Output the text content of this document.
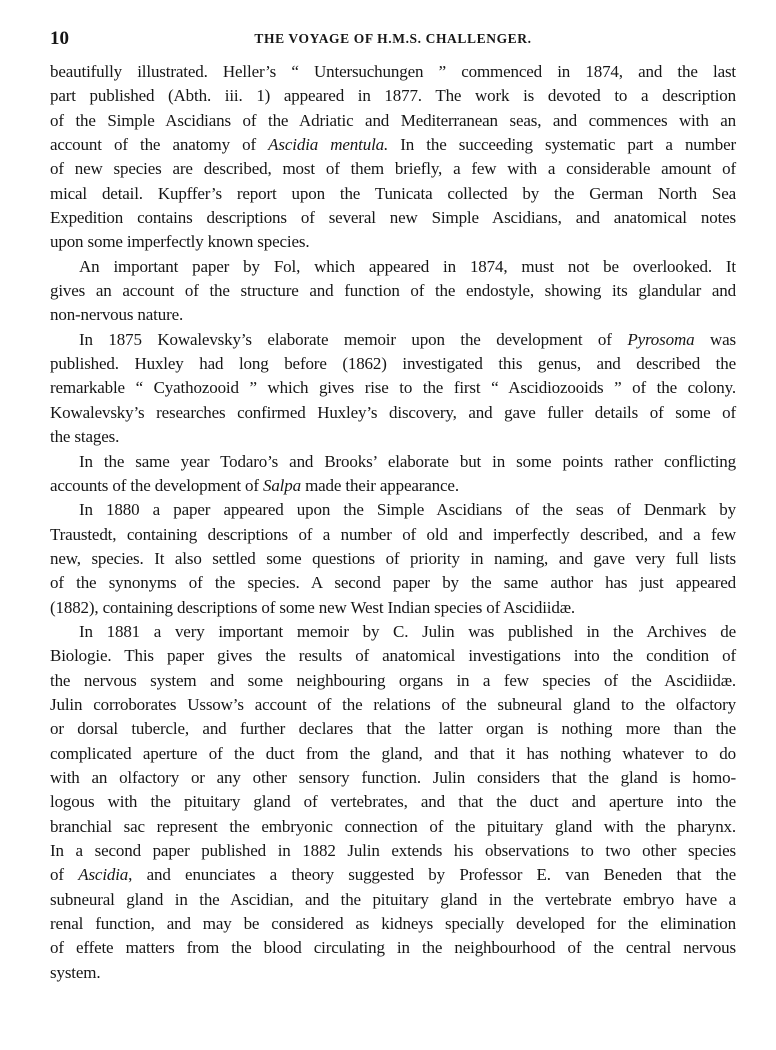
10	THE VOYAGE OF H.M.S. CHALLENGER.
beautifully illustrated. Heller’s “ Untersuchungen ” commenced in 1874, and the last
part published (Abth. iii. 1) appeared in 1877. The work is devoted to a description
of the Simple Ascidians of the Adriatic and Mediterranean seas, and commences with an
account of the anatomy of Ascidia mentula. In the succeeding systematic part a number
of new species are described, most of them briefly, a few with a considerable amount of
mical detail. Kupffer’s report upon the Tunicata collected by the German North Sea
Expedition contains descriptions of several new Simple Ascidians, and anatomical notes
upon some imperfectly known species.
An important paper by Fol, which appeared in 1874, must not be overlooked. It
gives an account of the structure and function of the endostyle, showing its glandular and
non-nervous nature.
In 1875 Kowalevsky’s elaborate memoir upon the development of Pyrosoma was
published. Huxley had long before (1862) investigated this genus, and described the
remarkable “ Cyathozooid ” which gives rise to the first “ Ascidiozooids ” of the colony.
Kowalevsky’s researches confirmed Huxley’s discovery, and gave fuller details of some of
the stages.
In the same year Todaro’s and Brooks’ elaborate but in some points rather conflicting
accounts of the development of Salpa made their appearance.
In 1880 a paper appeared upon the Simple Ascidians of the seas of Denmark by
Traustedt, containing descriptions of a number of old and imperfectly described, and a few
new, species. It also settled some questions of priority in naming, and gave very full lists
of the synonyms of the species. A second paper by the same author has just appeared
(1882), containing descriptions of some new West Indian species of Ascidiidæ.
In 1881 a very important memoir by C. Julin was published in the Archives de
Biologie. This paper gives the results of anatomical investigations into the condition of
the nervous system and some neighbouring organs in a few species of the Ascidiidæ.
Julin corroborates Ussow’s account of the relations of the subneural gland to the olfactory
or dorsal tubercle, and further declares that the latter organ is nothing more than the
complicated aperture of the duct from the gland, and that it has nothing whatever to do
with an olfactory or any other sensory function. Julin considers that the gland is homo-
logous with the pituitary gland of vertebrates, and that the duct and aperture into the
branchial sac represent the embryonic connection of the pituitary gland with the pharynx.
In a second paper published in 1882 Julin extends his observations to two other species
of Ascidia, and enunciates a theory suggested by Professor E. van Beneden that the
subneural gland in the Ascidian, and the pituitary gland in the vertebrate embryo have a
renal function, and may be considered as kidneys specially developed for the elimination
of effete matters from the blood circulating in the neighbourhood of the central nervous
system.
